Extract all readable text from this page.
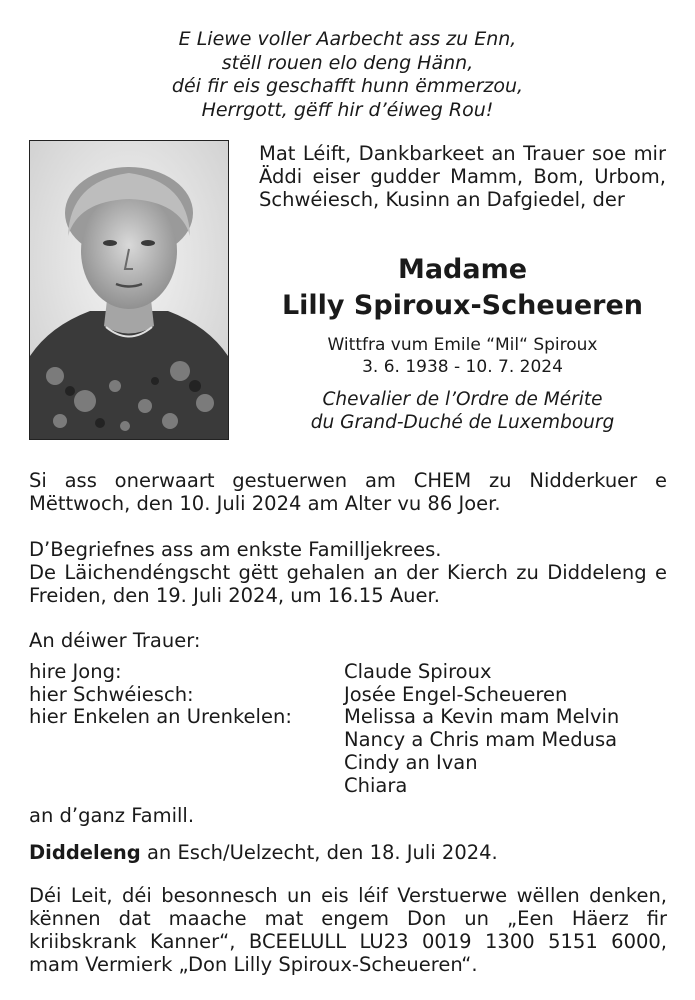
E Liewe voller Aarbecht ass zu Enn,
stëll rouen elo deng Hänn,
déi fir eis geschafft hunn ëmmerzou,
Herrgott, gëff hir d’éiweg Rou!
Mat Léift, Dankbarkeet an Trauer soe mir Äddi eiser gudder Mamm, Bom, Urbom, Schwéiesch, Kusinn an Dafgiedel, der
Madame
Lilly Spiroux-Scheueren
Wittfra vum Emile “Mil“ Spiroux
3. 6. 1938 - 10. 7. 2024
Chevalier de l’Ordre de Mérite
du Grand-Duché de Luxembourg
Si ass onerwaart gestuerwen am CHEM zu Nidderkuer e Mëttwoch, den 10. Juli 2024 am Alter vu 86 Joer.
D’Begriefnes ass am enkste Familljekrees.
De Läichendéngscht gëtt gehalen an der Kierch zu Diddeleng e Freiden, den 19. Juli 2024, um 16.15 Auer.
An déiwer Trauer:
hire Jong:	Claude Spiroux
hier Schwéiesch:	Josée Engel-Scheueren
hier Enkelen an Urenkelen:	Melissa a Kevin mam Melvin
Nancy a Chris mam Medusa
Cindy an Ivan
Chiara
an d’ganz Famill.
Diddeleng an Esch/Uelzecht, den 18. Juli 2024.
Déi Leit, déi besonnesch un eis léif Verstuerwe wëllen denken, kënnen dat maache mat engem Don un „Een Häerz fir kriibskrank Kanner“, BCEELULL LU23 0019 1300 5151 6000, mam Vermierk „Don Lilly Spiroux-Scheueren“.
